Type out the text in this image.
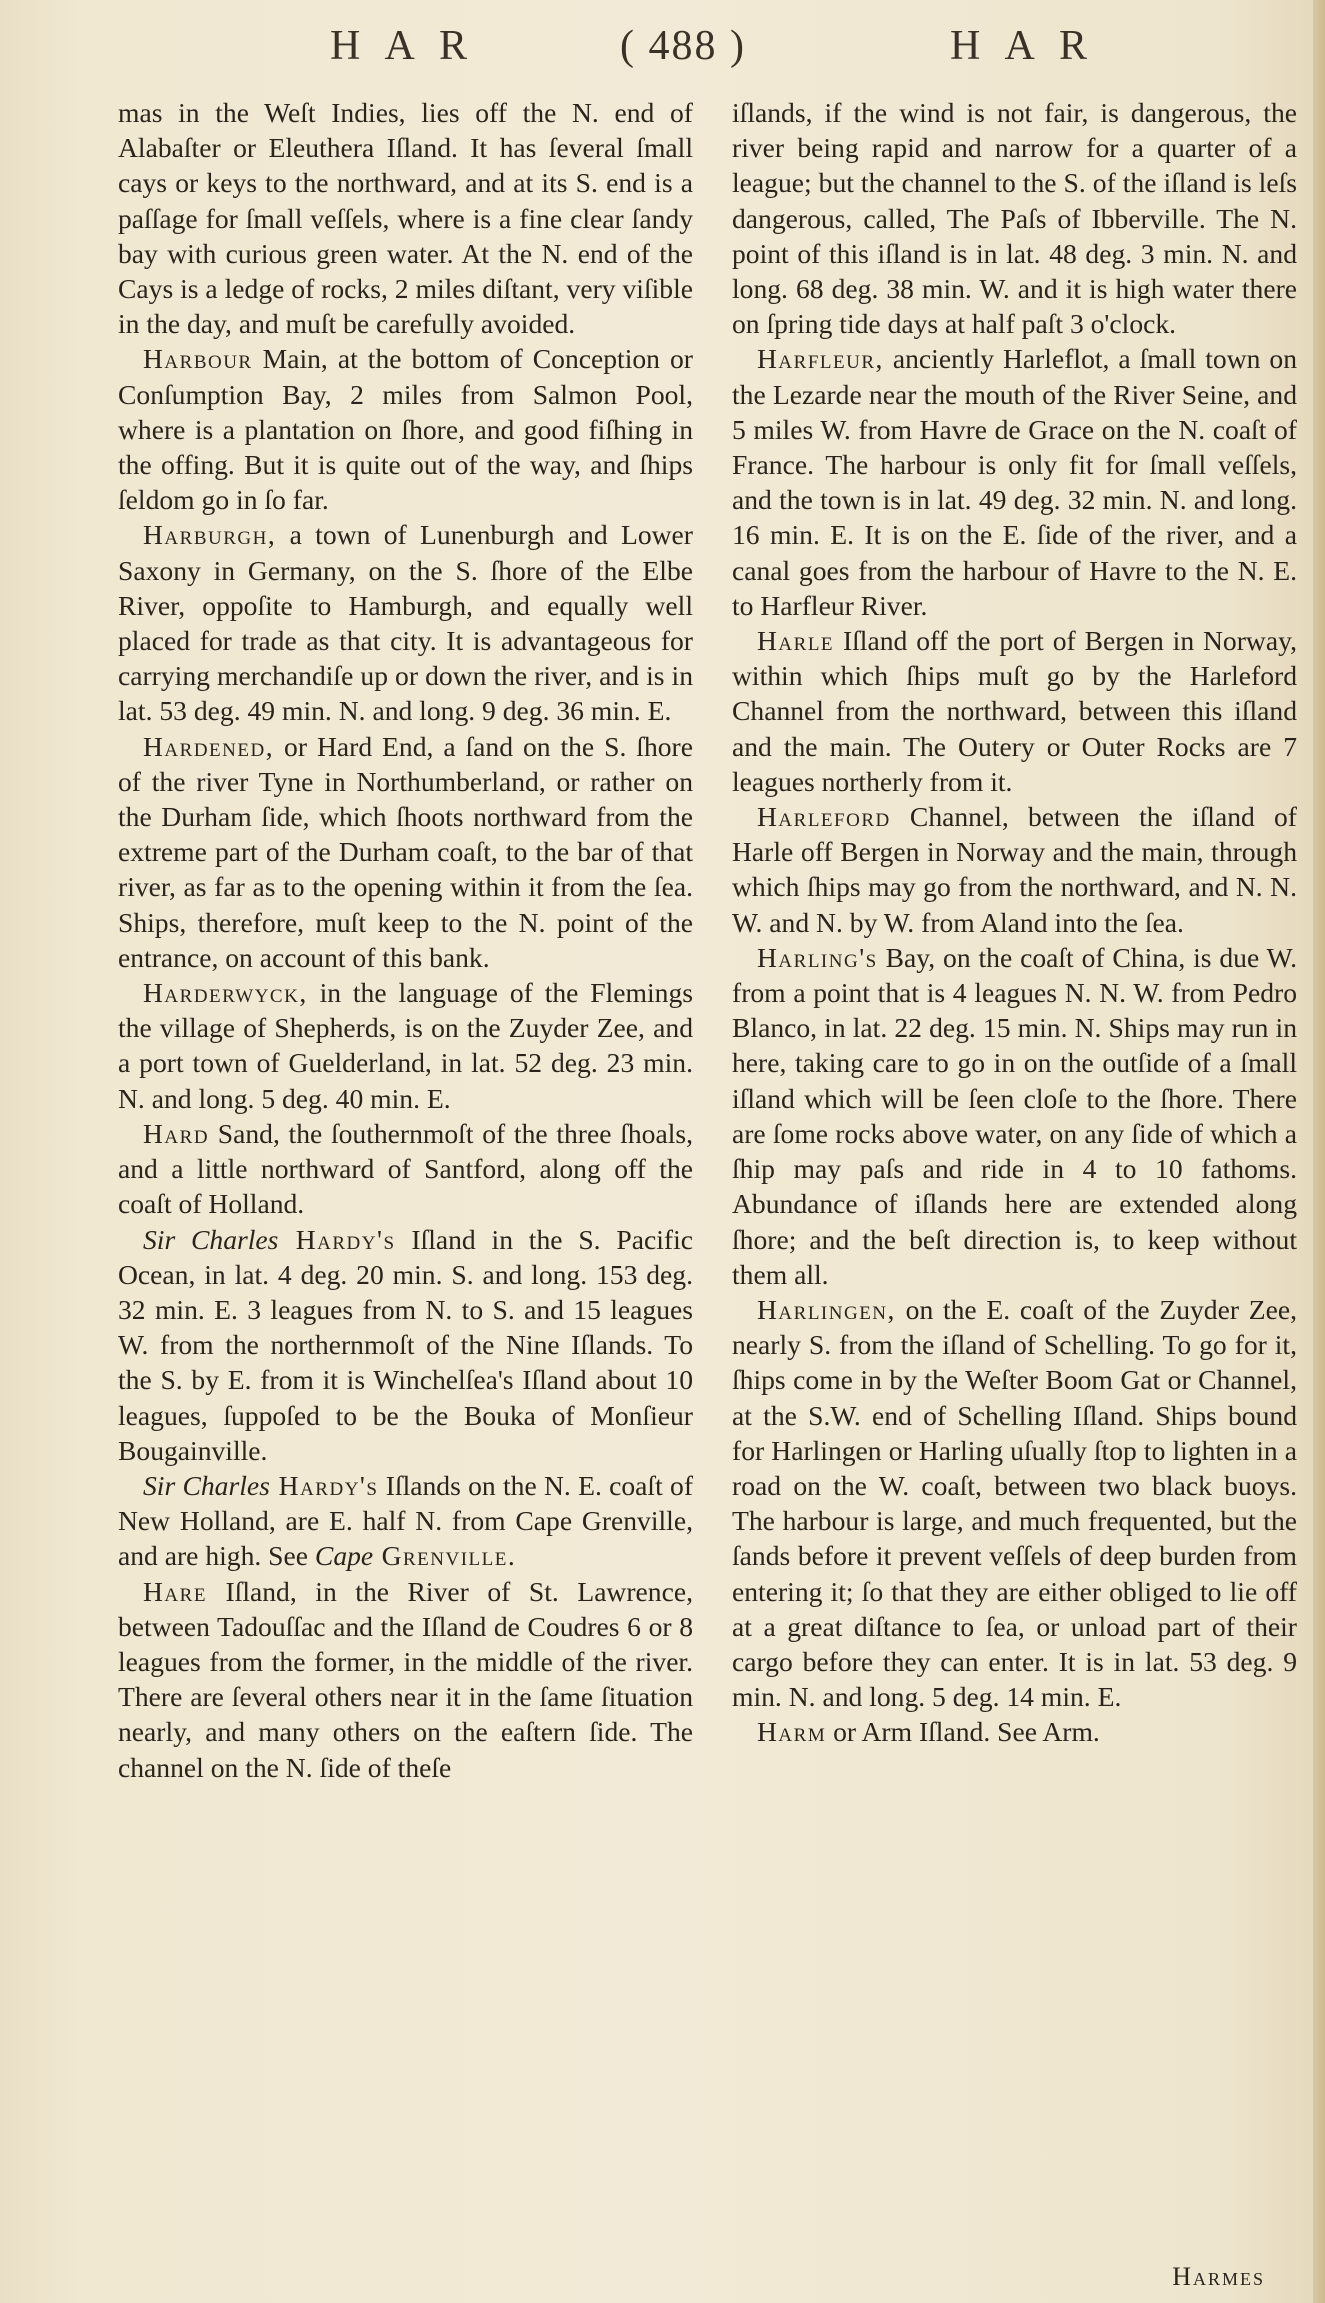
H A R	( 488 )	H A R

mas in the Weſt Indies, lies off the N. end of Alabaſter or Eleuthera Iſland. It has ſeveral ſmall cays or keys to the northward, and at its S. end is a paſſage for ſmall veſſels, where is a fine clear ſandy bay with curious green water. At the N. end of the Cays is a ledge of rocks, 2 miles diſtant, very viſible in the day, and muſt be carefully avoided.

Harbour Main, at the bottom of Conception or Conſumption Bay, 2 miles from Salmon Pool, where is a plantation on ſhore, and good fiſhing in the offing. But it is quite out of the way, and ſhips ſeldom go in ſo far.

Harburgh, a town of Lunenburgh and Lower Saxony in Germany, on the S. ſhore of the Elbe River, oppoſite to Hamburgh, and equally well placed for trade as that city. It is advantageous for carrying merchandiſe up or down the river, and is in lat. 53 deg. 49 min. N. and long. 9 deg. 36 min. E.

Hardened, or Hard End, a ſand on the S. ſhore of the river Tyne in Northumberland, or rather on the Durham ſide, which ſhoots northward from the extreme part of the Durham coaſt, to the bar of that river, as far as to the opening within it from the ſea. Ships, therefore, muſt keep to the N. point of the entrance, on account of this bank.

Harderwyck, in the language of the Flemings the village of Shepherds, is on the Zuyder Zee, and a port town of Guelderland, in lat. 52 deg. 23 min. N. and long. 5 deg. 40 min. E.

Hard Sand, the ſouthernmoſt of the three ſhoals, and a little northward of Santford, along off the coaſt of Holland.

Sir Charles Hardy's Iſland in the S. Pacific Ocean, in lat. 4 deg. 20 min. S. and long. 153 deg. 32 min. E. 3 leagues from N. to S. and 15 leagues W. from the northernmoſt of the Nine Iſlands. To the S. by E. from it is Winchelſea's Iſland about 10 leagues, ſuppoſed to be the Bouka of Monſieur Bougainville.

Sir Charles Hardy's Iſlands on the N. E. coaſt of New Holland, are E. half N. from Cape Grenville, and are high. See Cape Grenville.

Hare Iſland, in the River of St. Lawrence, between Tadouſſac and the Iſland de Coudres 6 or 8 leagues from the former, in the middle of the river. There are ſeveral others near it in the ſame ſituation nearly, and many others on the eaſtern ſide. The channel on the N. ſide of theſe

iſlands, if the wind is not fair, is dangerous, the river being rapid and narrow for a quarter of a league; but the channel to the S. of the iſland is leſs dangerous, called, The Paſs of Ibberville. The N. point of this iſland is in lat. 48 deg. 3 min. N. and long. 68 deg. 38 min. W. and it is high water there on ſpring tide days at half paſt 3 o'clock.

Harfleur, anciently Harleflot, a ſmall town on the Lezarde near the mouth of the River Seine, and 5 miles W. from Havre de Grace on the N. coaſt of France. The harbour is only fit for ſmall veſſels, and the town is in lat. 49 deg. 32 min. N. and long. 16 min. E. It is on the E. ſide of the river, and a canal goes from the harbour of Havre to the N. E. to Harfleur River.

Harle Iſland off the port of Bergen in Norway, within which ſhips muſt go by the Harleford Channel from the northward, between this iſland and the main. The Outery or Outer Rocks are 7 leagues northerly from it.

Harleford Channel, between the iſland of Harle off Bergen in Norway and the main, through which ſhips may go from the northward, and N. N. W. and N. by W. from Aland into the ſea.

Harling's Bay, on the coaſt of China, is due W. from a point that is 4 leagues N. N. W. from Pedro Blanco, in lat. 22 deg. 15 min. N. Ships may run in here, taking care to go in on the outſide of a ſmall iſland which will be ſeen cloſe to the ſhore. There are ſome rocks above water, on any ſide of which a ſhip may paſs and ride in 4 to 10 fathoms. Abundance of iſlands here are extended along ſhore; and the beſt direction is, to keep without them all.

Harlingen, on the E. coaſt of the Zuyder Zee, nearly S. from the iſland of Schelling. To go for it, ſhips come in by the Weſter Boom Gat or Channel, at the S.W. end of Schelling Iſland. Ships bound for Harlingen or Harling uſually ſtop to lighten in a road on the W. coaſt, between two black buoys. The harbour is large, and much frequented, but the ſands before it prevent veſſels of deep burden from entering it; ſo that they are either obliged to lie off at a great diſtance to ſea, or unload part of their cargo before they can enter. It is in lat. 53 deg. 9 min. N. and long. 5 deg. 14 min. E.

Harm or Arm Iſland. See Arm.

Harmes
